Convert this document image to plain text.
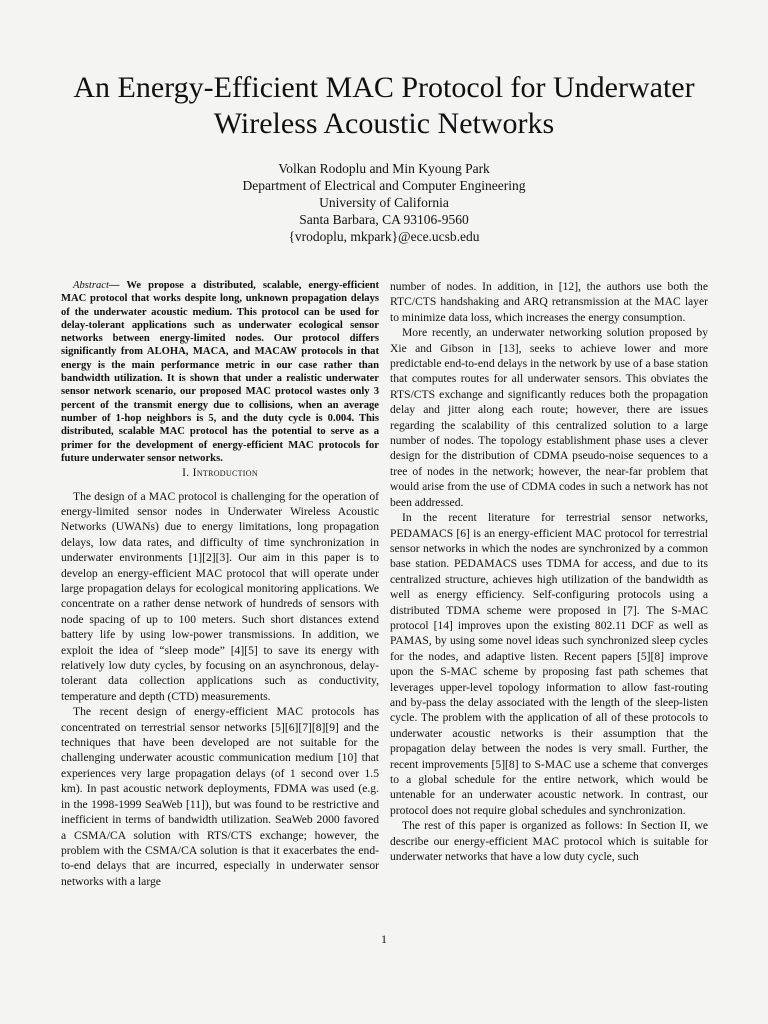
An Energy-Efficient MAC Protocol for Underwater Wireless Acoustic Networks
Volkan Rodoplu and Min Kyoung Park
Department of Electrical and Computer Engineering
University of California
Santa Barbara, CA 93106-9560
{vrodoplu, mkpark}@ece.ucsb.edu

Abstract— We propose a distributed, scalable, energy-efficient MAC protocol that works despite long, unknown propagation delays of the underwater acoustic medium. This protocol can be used for delay-tolerant applications such as underwater ecological sensor networks between energy-limited nodes. Our protocol differs significantly from ALOHA, MACA, and MACAW protocols in that energy is the main performance metric in our case rather than bandwidth utilization. It is shown that under a realistic underwater sensor network scenario, our proposed MAC protocol wastes only 3 percent of the transmit energy due to collisions, when an average number of 1-hop neighbors is 5, and the duty cycle is 0.004. This distributed, scalable MAC protocol has the potential to serve as a primer for the development of energy-efficient MAC protocols for future underwater sensor networks.

I. Introduction

The design of a MAC protocol is challenging for the operation of energy-limited sensor nodes in Underwater Wireless Acoustic Networks (UWANs) due to energy limitations, long propagation delays, low data rates, and difficulty of time synchronization in underwater environments [1][2][3]. Our aim in this paper is to develop an energy-efficient MAC protocol that will operate under large propagation delays for ecological monitoring applications. We concentrate on a rather dense network of hundreds of sensors with node spacing of up to 100 meters. Such short distances extend battery life by using low-power transmissions. In addition, we exploit the idea of “sleep mode” [4][5] to save its energy with relatively low duty cycles, by focusing on an asynchronous, delay-tolerant data collection applications such as conductivity, temperature and depth (CTD) measurements.

The recent design of energy-efficient MAC protocols has concentrated on terrestrial sensor networks [5][6][7][8][9] and the techniques that have been developed are not suitable for the challenging underwater acoustic communication medium [10] that experiences very large propagation delays (of 1 second over 1.5 km). In past acoustic network deployments, FDMA was used (e.g. in the 1998-1999 SeaWeb [11]), but was found to be restrictive and inefficient in terms of bandwidth utilization. SeaWeb 2000 favored a CSMA/CA solution with RTS/CTS exchange; however, the problem with the CSMA/CA solution is that it exacerbates the end-to-end delays that are incurred, especially in underwater sensor networks with a large

number of nodes. In addition, in [12], the authors use both the RTC/CTS handshaking and ARQ retransmission at the MAC layer to minimize data loss, which increases the energy consumption.

More recently, an underwater networking solution proposed by Xie and Gibson in [13], seeks to achieve lower and more predictable end-to-end delays in the network by use of a base station that computes routes for all underwater sensors. This obviates the RTS/CTS exchange and significantly reduces both the propagation delay and jitter along each route; however, there are issues regarding the scalability of this centralized solution to a large number of nodes. The topology establishment phase uses a clever design for the distribution of CDMA pseudo-noise sequences to a tree of nodes in the network; however, the near-far problem that would arise from the use of CDMA codes in such a network has not been addressed.

In the recent literature for terrestrial sensor networks, PEDAMACS [6] is an energy-efficient MAC protocol for terrestrial sensor networks in which the nodes are synchronized by a common base station. PEDAMACS uses TDMA for access, and due to its centralized structure, achieves high utilization of the bandwidth as well as energy efficiency. Self-configuring protocols using a distributed TDMA scheme were proposed in [7]. The S-MAC protocol [14] improves upon the existing 802.11 DCF as well as PAMAS, by using some novel ideas such synchronized sleep cycles for the nodes, and adaptive listen. Recent papers [5][8] improve upon the S-MAC scheme by proposing fast path schemes that leverages upper-level topology information to allow fast-routing and by-pass the delay associated with the length of the sleep-listen cycle. The problem with the application of all of these protocols to underwater acoustic networks is their assumption that the propagation delay between the nodes is very small. Further, the recent improvements [5][8] to S-MAC use a scheme that converges to a global schedule for the entire network, which would be untenable for an underwater acoustic network. In contrast, our protocol does not require global schedules and synchronization.

The rest of this paper is organized as follows: In Section II, we describe our energy-efficient MAC protocol which is suitable for underwater networks that have a low duty cycle, such

1
